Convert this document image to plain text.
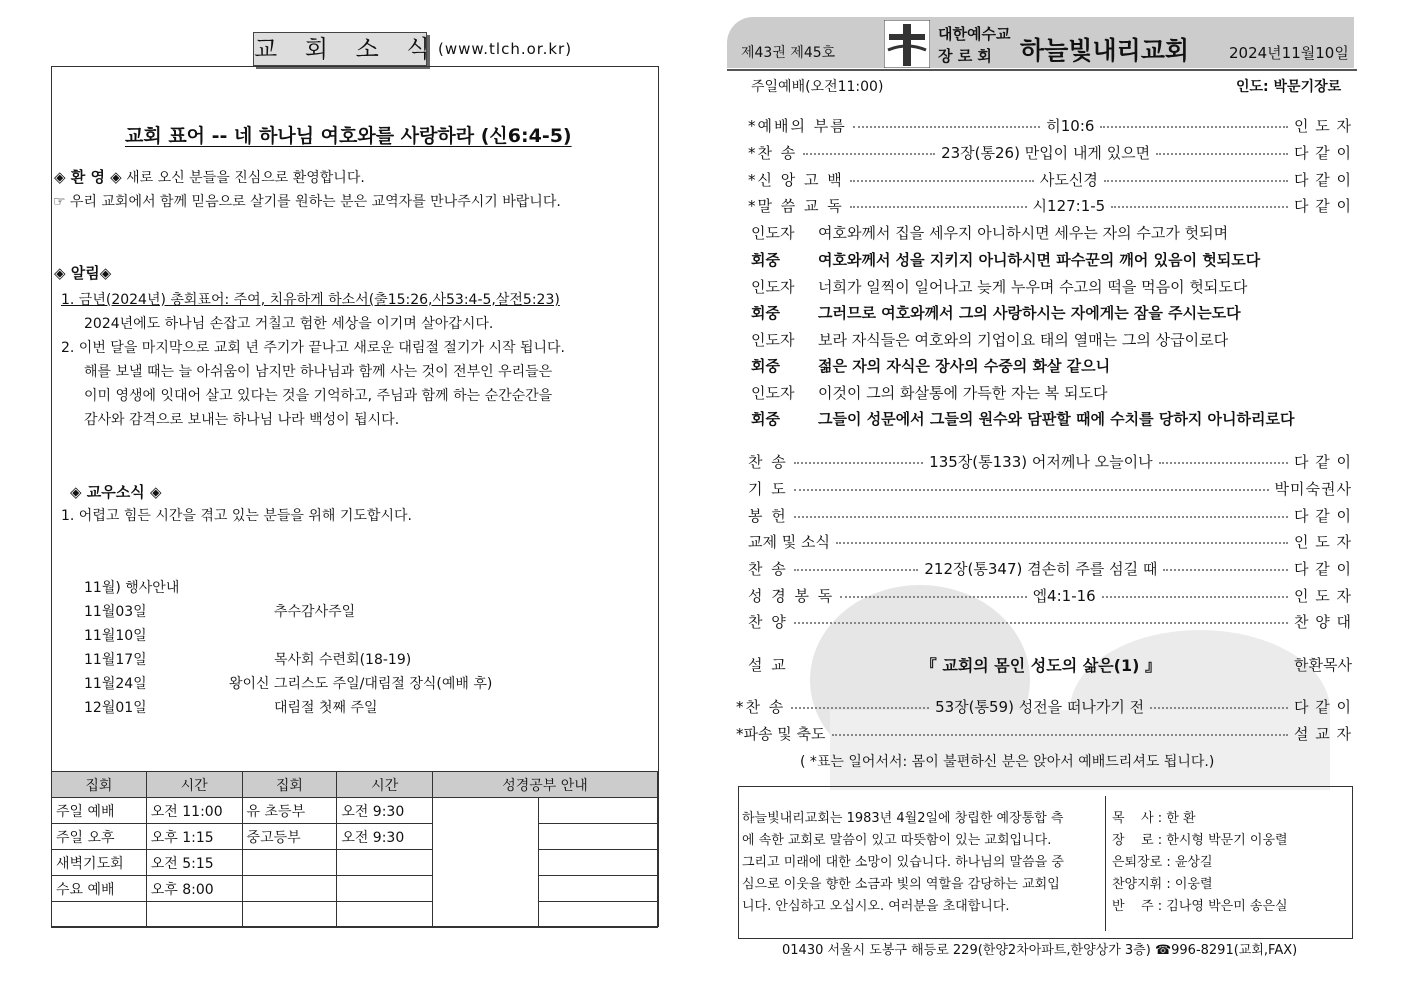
교 회 소 식
(www.tlch.or.kr)
교회 표어 -- 네 하나님 여호와를 사랑하라 (신6:4-5)
◈ 환 영 ◈ 새로 오신 분들을 진심으로 환영합니다.
☞ 우리 교회에서 함께 믿음으로 살기를 원하는 분은 교역자를 만나주시기 바랍니다.
◈ 알림◈
1. 금년(2024년) 총회표어: 주여, 치유하게 하소서(출15:26,사53:4-5,살전5:23)
2024년에도 하나님 손잡고 거칠고 험한 세상을 이기며 살아갑시다.
2. 이번 달을 마지막으로 교회 년 주기가 끝나고 새로운 대림절 절기가 시작 됩니다.
해를 보낼 때는 늘 아쉬움이 남지만 하나님과 함께 사는 것이 전부인 우리들은
이미 영생에 잇대어 살고 있다는 것을 기억하고, 주님과 함께 하는 순간순간을
감사와 감격으로 보내는 하나님 나라 백성이 됩시다.
◈ 교우소식 ◈
1. 어렵고 힘든 시간을 겪고 있는 분들을 위해 기도합시다.
11월) 행사안내
11월03일	추수감사주일
11월10일
11월17일	목사회 수련회(18-19)
11월24일	왕이신 그리스도 주일/대림절 장식(예배 후)
12월01일	대림절 첫째 주일
집회	시간	집회	시간	성경공부 안내	
주일 예배	오전 11:00	유 초등부	오전 9:30		
주일 오후	오후 1:15	중고등부	오전 9:30		
새벽기도회	오전 5:15				
수요 예배	오후 8:00				

제43권 제45호
대한예수교
장 로 회 하늘빛내리교회	2024년11월10일
주일예배(오전11:00)	인도: 박문기장로
*예배의 부름	히10:6	인 도 자
*찬 송	23장(통26) 만입이 내게 있으면	다 같 이
*신 앙 고 백	사도신경	다 같 이
*말 씀 교 독	시127:1-5	다 같 이
인도자 여호와께서 집을 세우지 아니하시면 세우는 자의 수고가 헛되며
회중	여호와께서 성을 지키지 아니하시면 파수꾼의 깨어 있음이 헛되도다
인도자 너희가 일찍이 일어나고 늦게 누우며 수고의 떡을 먹음이 헛되도다
회중	그러므로 여호와께서 그의 사랑하시는 자에게는 잠을 주시는도다
인도자 보라 자식들은 여호와의 기업이요 태의 열매는 그의 상급이로다
회중	젊은 자의 자식은 장사의 수중의 화살 같으니
인도자 이것이 그의 화살통에 가득한 자는 복 되도다
회중	그들이 성문에서 그들의 원수와 담판할 때에 수치를 당하지 아니하리로다
찬 송	135장(통133) 어저께나 오늘이나	다 같 이
기 도	박미숙권사
봉 헌	다 같 이
교제 및 소식	인 도 자
찬 송	212장(통347) 겸손히 주를 섬길 때	다 같 이
성 경 봉 독	엡4:1-16	인 도 자
찬 양	찬 양 대
설 교	『 교회의 몸인 성도의 삶은(1) 』	한환목사
*찬 송	53장(통59) 성전을 떠나가기 전	다 같 이
*파송 및 축도	설 교 자
( *표는 일어서서: 몸이 불편하신 분은 앉아서 예배드리셔도 됩니다.)
하늘빛내리교회는 1983년 4월2일에 창립한 예장통합 측
에 속한 교회로 말씀이 있고 따뜻함이 있는 교회입니다.
그리고 미래에 대한 소망이 있습니다. 하나님의 말씀을 중
심으로 이웃을 향한 소금과 빛의 역할을 감당하는 교회입
니다. 안심하고 오십시오. 여러분을 초대합니다.
목    사 : 한 환
장    로 : 한시형 박문기 이웅렬
은퇴장로 : 윤상길
찬양지휘 : 이웅렬
반    주 : 김나영 박은미 송은실
01430 서울시 도봉구 해등로 229(한양2차아파트,한양상가 3층) ☎996-8291(교회,FAX)
